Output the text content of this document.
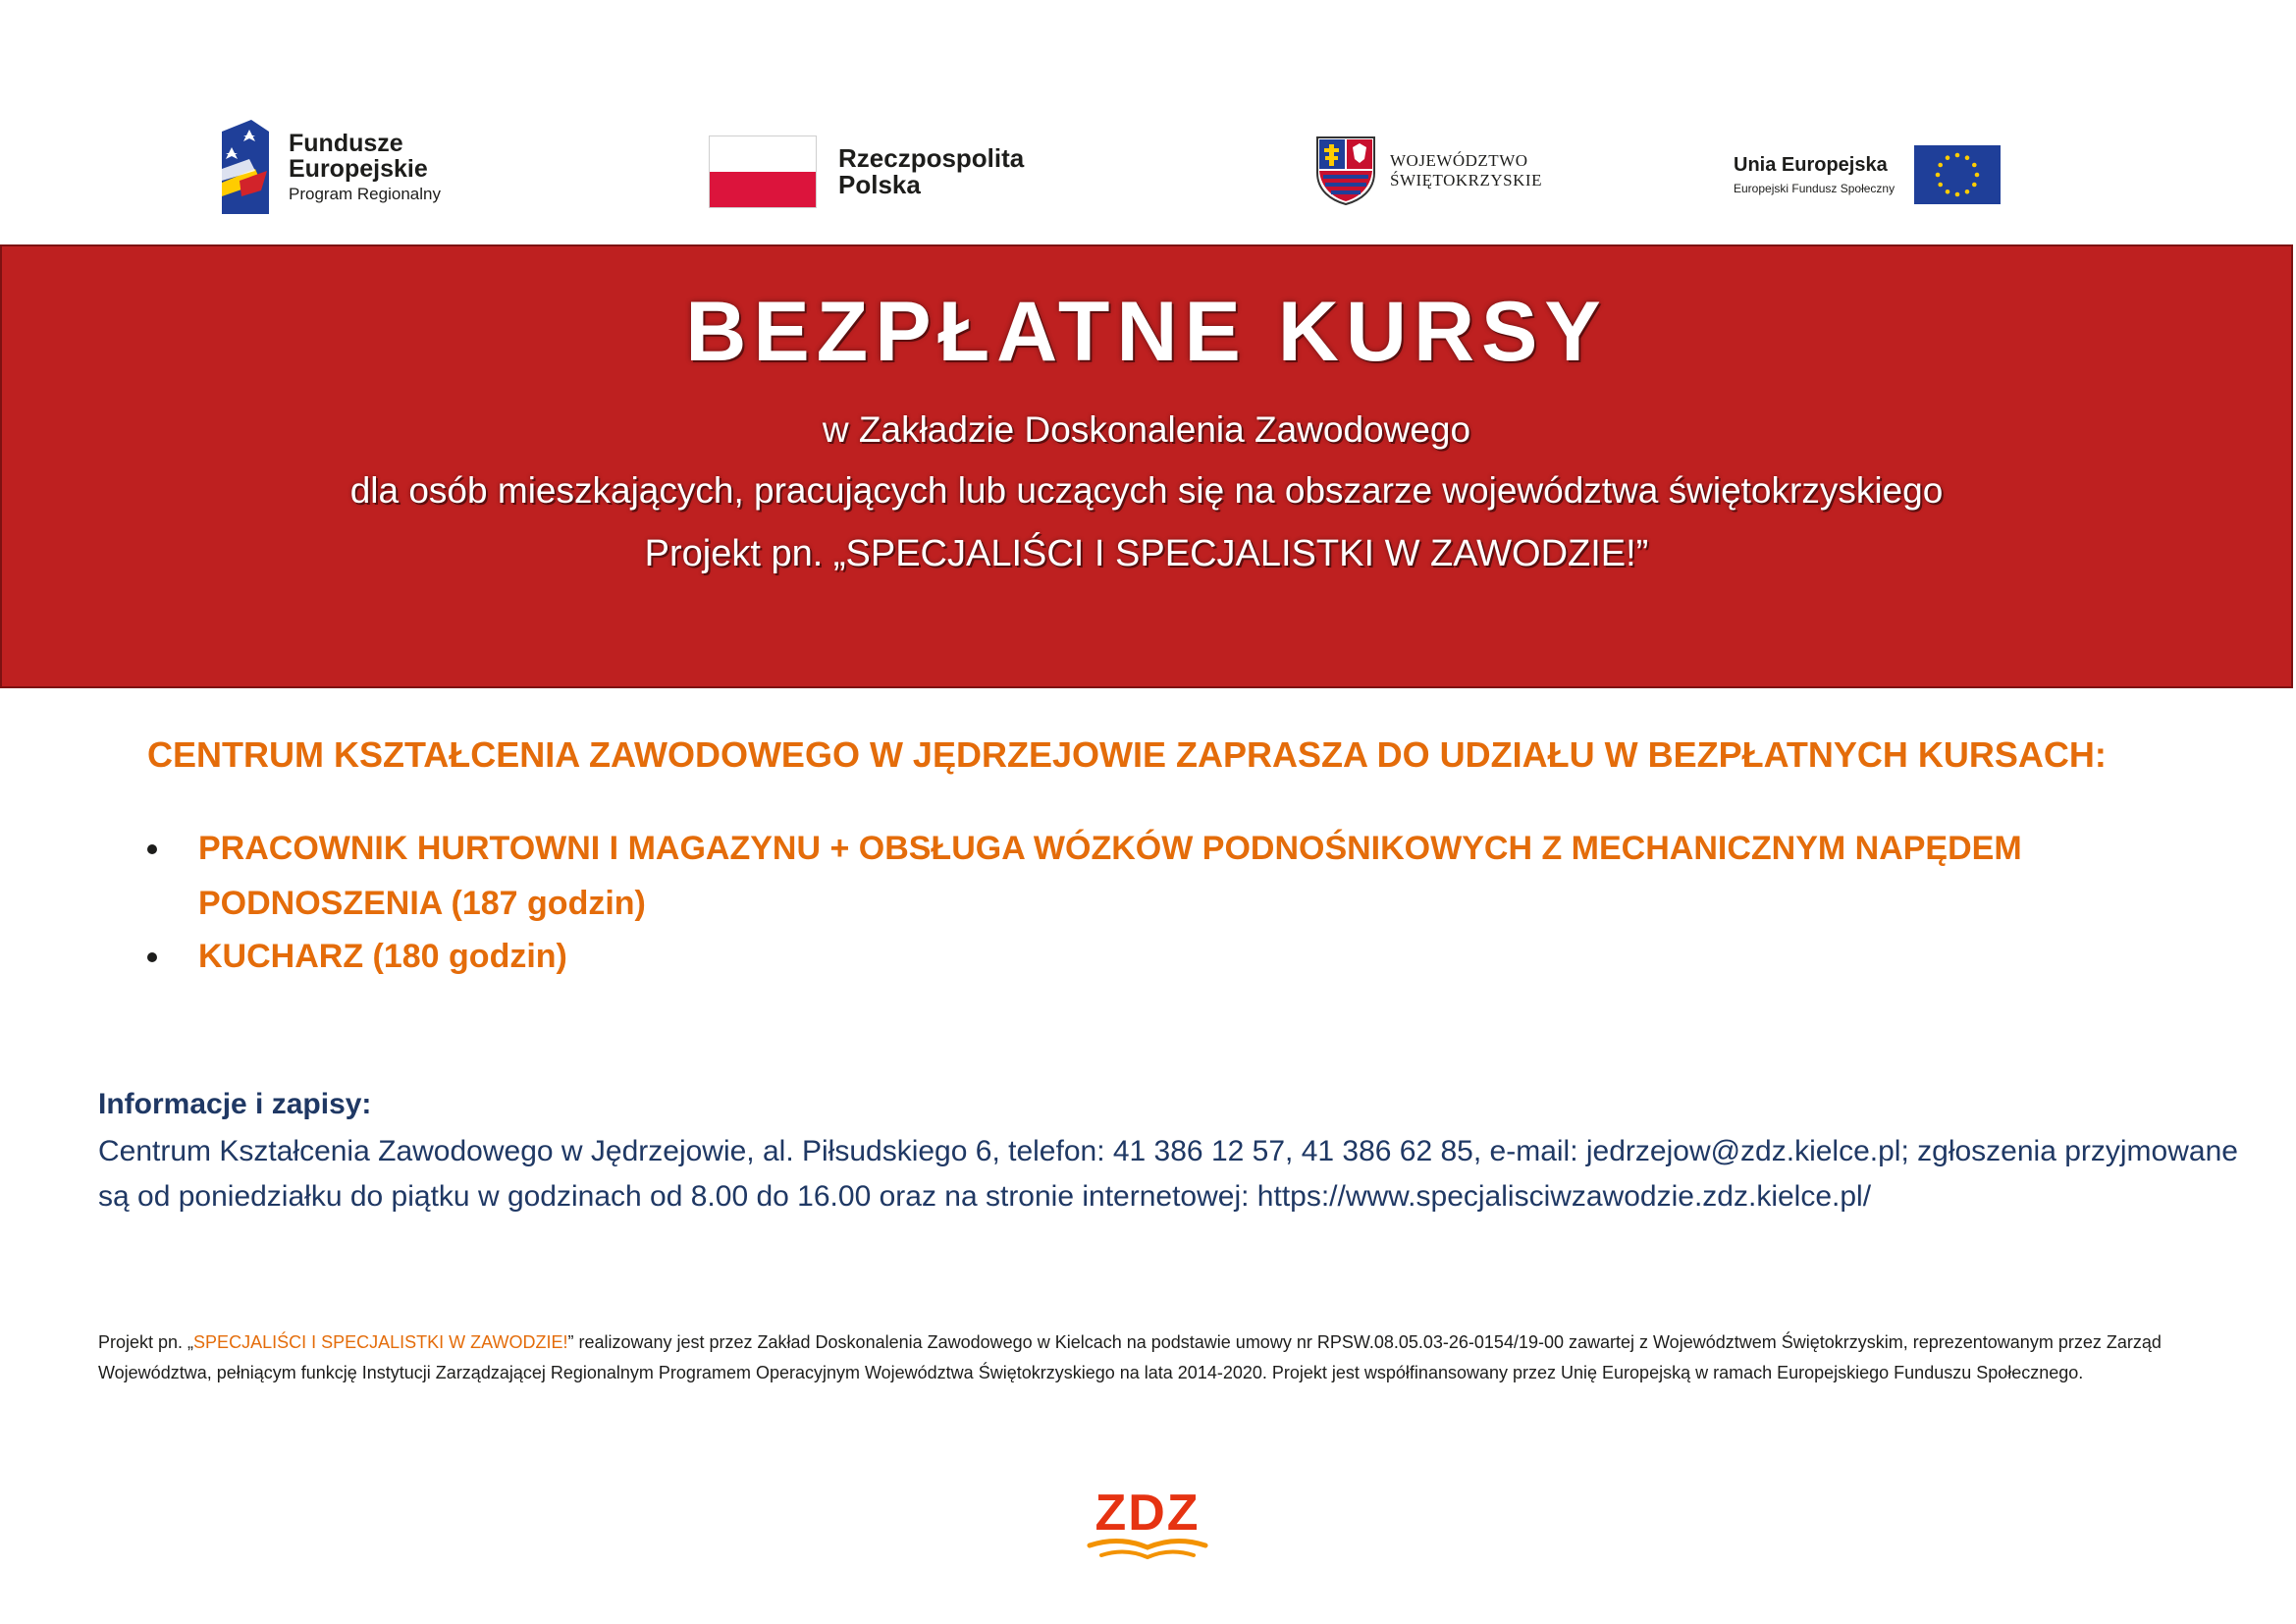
Fundusze
Europejskie
Program Regionalny
Rzeczpospolita
Polska
WOJEWÓDZTWO
ŚWIĘTOKRZYSKIE
Unia Europejska
Europejski Fundusz Społeczny
BEZPŁATNE KURSY
w Zakładzie Doskonalenia Zawodowego
dla osób mieszkających, pracujących lub uczących się na obszarze województwa świętokrzyskiego
Projekt pn. „SPECJALIŚCI I SPECJALISTKI W ZAWODZIE!”
CENTRUM KSZTAŁCENIA ZAWODOWEGO W JĘDRZEJOWIE ZAPRASZA DO UDZIAŁU W BEZPŁATNYCH KURSACH:
PRACOWNIK HURTOWNI I MAGAZYNU + OBSŁUGA WÓZKÓW PODNOŚNIKOWYCH Z MECHANICZNYM NAPĘDEM PODNOSZENIA (187 godzin)
KUCHARZ (180 godzin)
Informacje i zapisy:
Centrum Kształcenia Zawodowego w Jędrzejowie, al. Piłsudskiego 6, telefon: 41 386 12 57, 41 386 62 85, e-mail: jedrzejow@zdz.kielce.pl; zgłoszenia przyjmowane są od poniedziałku do piątku w godzinach od 8.00 do 16.00 oraz na stronie internetowej: https://www.specjalisciwzawodzie.zdz.kielce.pl/
Projekt pn. „SPECJALIŚCI I SPECJALISTKI W ZAWODZIE!” realizowany jest przez Zakład Doskonalenia Zawodowego w Kielcach na podstawie umowy nr RPSW.08.05.03-26-0154/19-00 zawartej z Województwem Świętokrzyskim, reprezentowanym przez Zarząd Województwa, pełniącym funkcję Instytucji Zarządzającej Regionalnym Programem Operacyjnym Województwa Świętokrzyskiego na lata 2014-2020. Projekt jest współfinansowany przez Unię Europejską w ramach Europejskiego Funduszu Społecznego.
ZDZ
